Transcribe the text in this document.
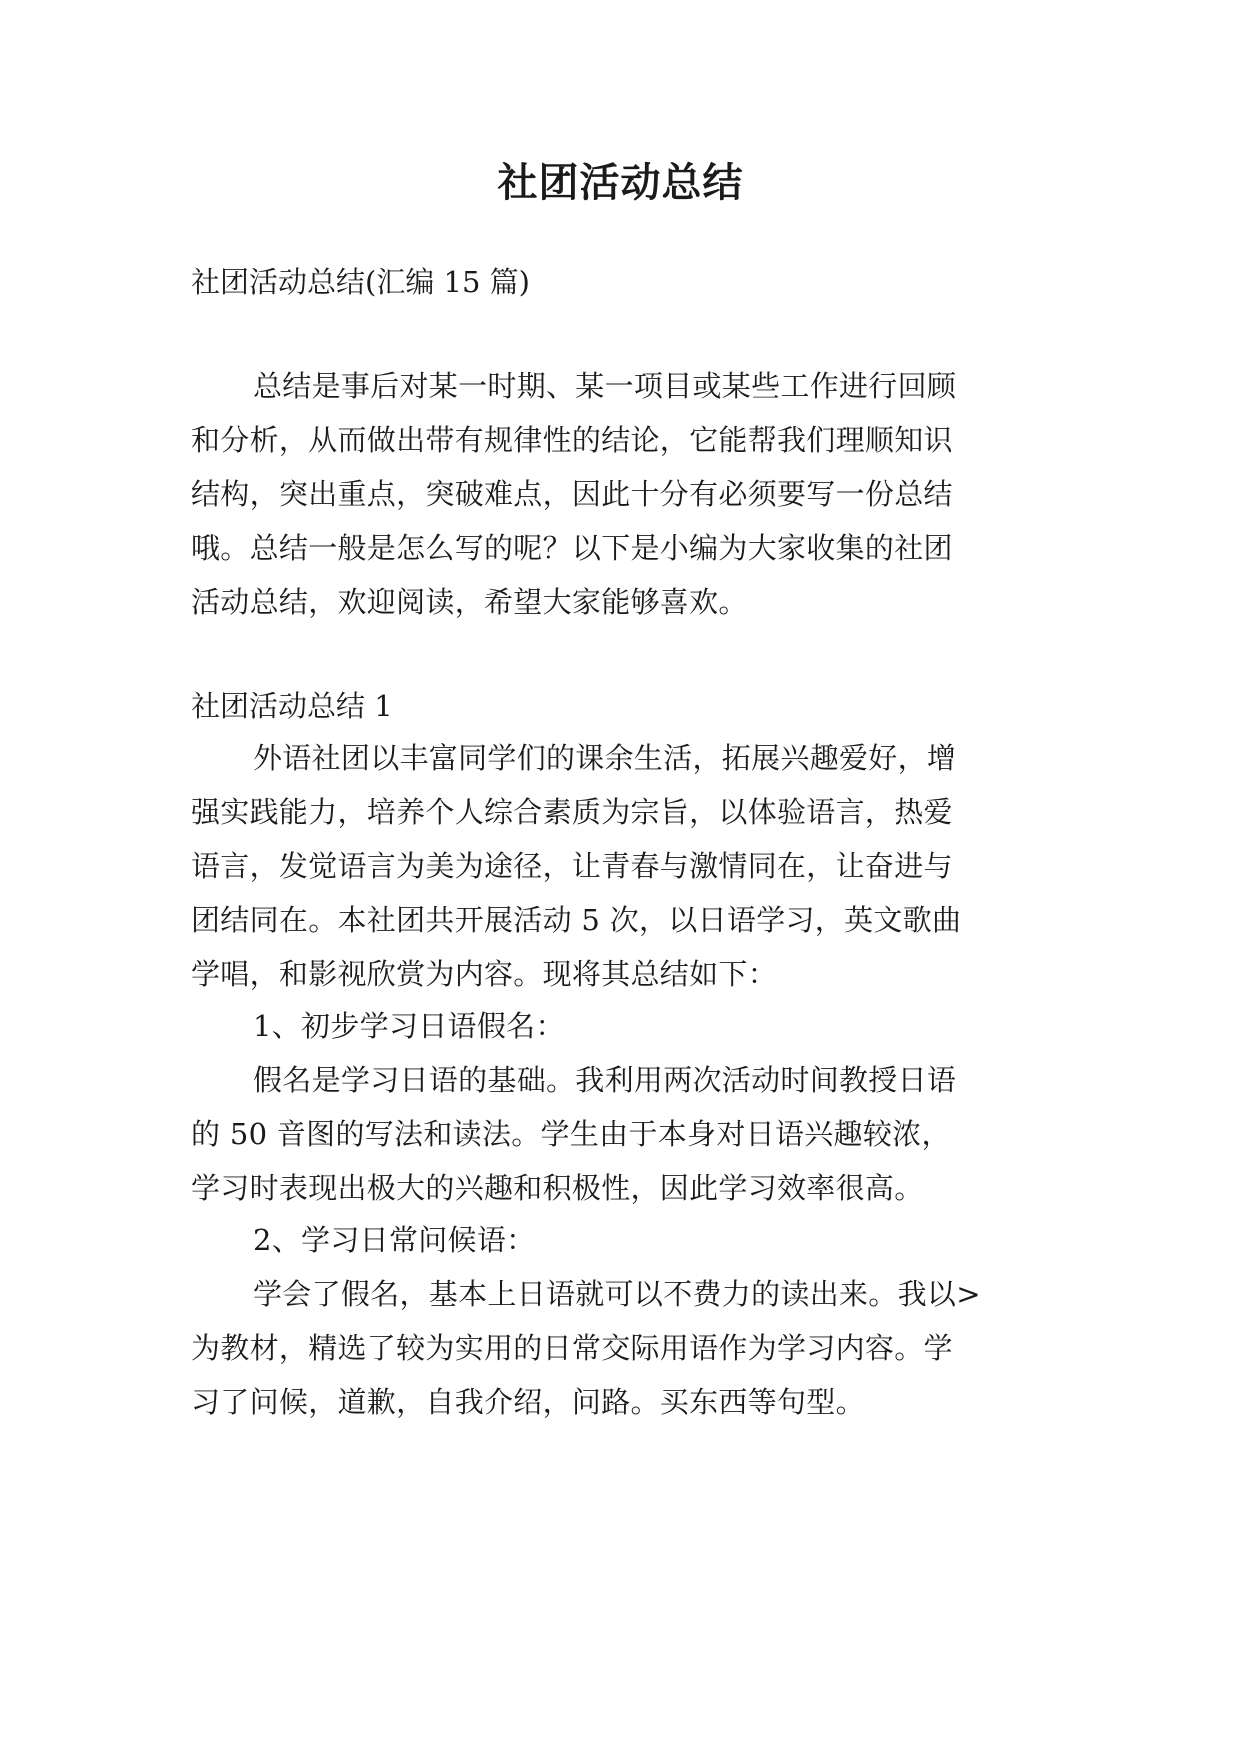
社团活动总结
社团活动总结(汇编 15 篇)
总结是事后对某一时期、某一项目或某些工作进行回顾
和分析，从而做出带有规律性的结论，它能帮我们理顺知识
结构，突出重点，突破难点，因此十分有必须要写一份总结
哦。总结一般是怎么写的呢？以下是小编为大家收集的社团
活动总结，欢迎阅读，希望大家能够喜欢。
社团活动总结 1
外语社团以丰富同学们的课余生活，拓展兴趣爱好，增
强实践能力，培养个人综合素质为宗旨，以体验语言，热爱
语言，发觉语言为美为途径，让青春与激情同在，让奋进与
团结同在。本社团共开展活动 5 次，以日语学习，英文歌曲
学唱，和影视欣赏为内容。现将其总结如下：
1、初步学习日语假名：
假名是学习日语的基础。我利用两次活动时间教授日语
的 50 音图的写法和读法。学生由于本身对日语兴趣较浓，
学习时表现出极大的兴趣和积极性，因此学习效率很高。
2、学习日常问候语：
学会了假名，基本上日语就可以不费力的读出来。我以>
为教材，精选了较为实用的日常交际用语作为学习内容。学
习了问候，道歉，自我介绍，问路。买东西等句型。
